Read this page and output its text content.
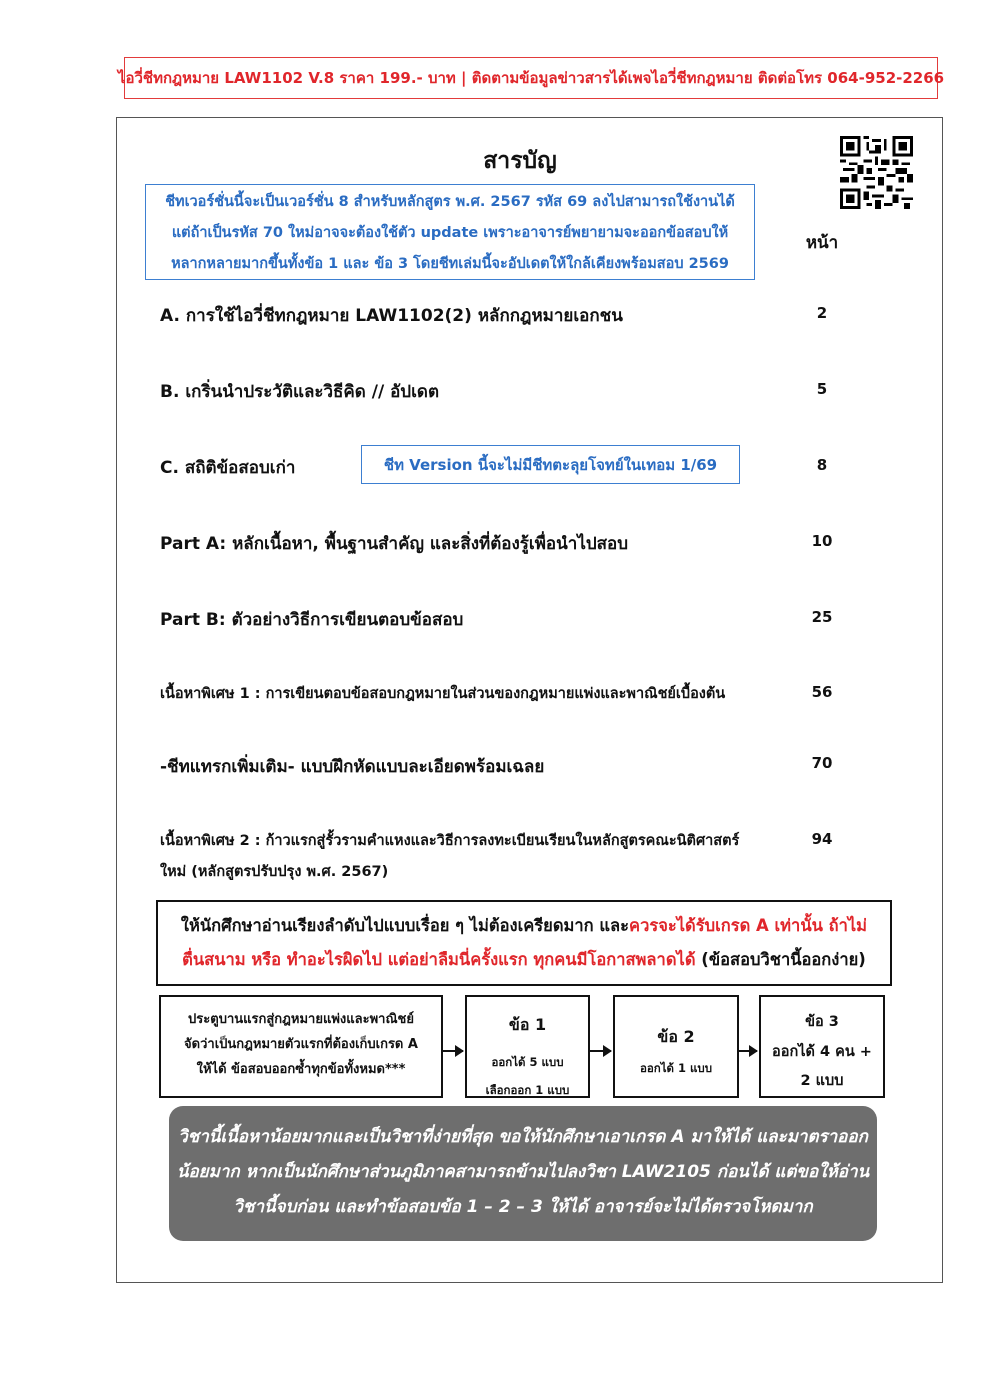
ไอวี่ชีทกฎหมาย LAW1102 V.8 ราคา 199.- บาท | ติดตามข้อมูลข่าวสารได้เพจไอวี่ชีทกฎหมาย ติดต่อโทร 064-952-2266
สารบัญ
ชีทเวอร์ชั่นนี้จะเป็นเวอร์ชั่น 8 สำหรับหลักสูตร พ.ศ. 2567 รหัส 69 ลงไปสามารถใช้งานได้
แต่ถ้าเป็นรหัส 70 ใหม่อาจจะต้องใช้ตัว update เพราะอาจารย์พยายามจะออกข้อสอบให้
หลากหลายมากขึ้นทั้งข้อ 1 และ ข้อ 3 โดยชีทเล่มนี้จะอัปเดตให้ใกล้เคียงพร้อมสอบ 2569
หน้า
A. การใช้ไอวี่ชีทกฎหมาย LAW1102(2) หลักกฎหมายเอกชน	2
B. เกริ่นนำประวัติและวิธีคิด // อัปเดต	5
C. สถิติข้อสอบเก่า	8
ชีท Version นี้จะไม่มีชีทตะลุยโจทย์ในเทอม 1/69
Part A: หลักเนื้อหา, พื้นฐานสำคัญ และสิ่งที่ต้องรู้เพื่อนำไปสอบ	10
Part B: ตัวอย่างวิธีการเขียนตอบข้อสอบ	25
เนื้อหาพิเศษ 1 : การเขียนตอบข้อสอบกฎหมายในส่วนของกฎหมายแพ่งและพาณิชย์เบื้องต้น	56
-ชีทแทรกเพิ่มเติม- แบบฝึกหัดแบบละเอียดพร้อมเฉลย	70
เนื้อหาพิเศษ 2 : ก้าวแรกสู่รั้วรามคำแหงและวิธีการลงทะเบียนเรียนในหลักสูตรคณะนิติศาสตร์
ใหม่ (หลักสูตรปรับปรุง พ.ศ. 2567)
94
ให้นักศึกษาอ่านเรียงลำดับไปแบบเรื่อย ๆ ไม่ต้องเครียดมาก และควรจะได้รับเกรด A เท่านั้น ถ้าไม่
ตื่นสนาม หรือ ทำอะไรผิดไป แต่อย่าลืมนี่ครั้งแรก ทุกคนมีโอกาสพลาดได้ (ข้อสอบวิชานี้ออกง่าย)
ประตูบานแรกสู่กฎหมายแพ่งและพาณิชย์
จัดว่าเป็นกฎหมายตัวแรกที่ต้องเก็บเกรด A
ให้ได้ ข้อสอบออกซ้ำทุกข้อทั้งหมด***
ข้อ 1
ออกได้ 5 แบบ
เลือกออก 1 แบบ
ข้อ 2
ออกได้ 1 แบบ
ข้อ 3
ออกได้ 4 คน +
2 แบบ
วิชานี้เนื้อหาน้อยมากและเป็นวิชาที่ง่ายที่สุด ขอให้นักศึกษาเอาเกรด A มาให้ได้ และมาตราออก
น้อยมาก หากเป็นนักศึกษาส่วนภูมิภาคสามารถข้ามไปลงวิชา LAW2105 ก่อนได้ แต่ขอให้อ่าน
วิชานี้จบก่อน และทำข้อสอบข้อ 1 – 2 – 3 ให้ได้ อาจารย์จะไม่ได้ตรวจโหดมาก
